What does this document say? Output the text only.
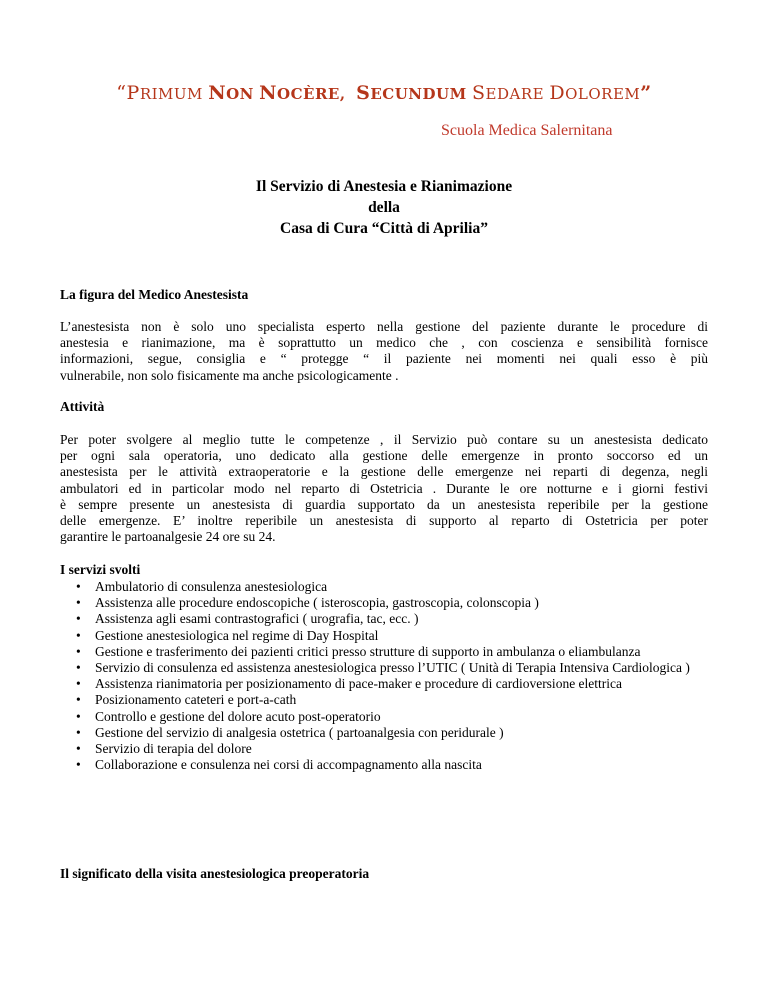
“PRIMUM NON NOCÈRE, SECUNDUM SEDARE DOLOREM”
Scuola Medica Salernitana
Il Servizio di Anestesia e Rianimazione
della
Casa di Cura “Città di Aprilia”
La figura del Medico Anestesista
L’anestesista non è solo uno specialista esperto nella gestione del paziente durante le procedure di
anestesia e rianimazione, ma è soprattutto un medico che , con coscienza e sensibilità fornisce
informazioni, segue, consiglia e “ protegge “ il paziente nei momenti nei quali esso è più
vulnerabile, non solo fisicamente ma anche psicologicamente .
Attività
Per poter svolgere al meglio tutte le competenze , il Servizio può contare su un anestesista dedicato
per ogni sala operatoria, uno dedicato alla gestione delle emergenze in pronto soccorso ed un
anestesista per le attività extraoperatorie e la gestione delle emergenze nei reparti di degenza, negli
ambulatori ed in particolar modo nel reparto di Ostetricia . Durante le ore notturne e i giorni festivi
è sempre presente un anestesista di guardia supportato da un anestesista reperibile per la gestione
delle emergenze. E’ inoltre reperibile un anestesista di supporto al reparto di Ostetricia per poter
garantire le partoanalgesie 24 ore su 24.
I servizi svolti
• Ambulatorio di consulenza anestesiologica
• Assistenza alle procedure endoscopiche ( isteroscopia, gastroscopia, colonscopia )
• Assistenza agli esami contrastografici ( urografia, tac, ecc. )
• Gestione anestesiologica nel regime di Day Hospital
• Gestione e trasferimento dei pazienti critici presso strutture di supporto in ambulanza o eliambulanza
• Servizio di consulenza ed assistenza anestesiologica presso l’UTIC ( Unità di Terapia Intensiva Cardiologica )
• Assistenza rianimatoria per posizionamento di pace-maker e procedure di cardioversione elettrica
• Posizionamento cateteri e port-a-cath
• Controllo e gestione del dolore acuto post-operatorio
• Gestione del servizio di analgesia ostetrica ( partoanalgesia con peridurale )
• Servizio di terapia del dolore
• Collaborazione e consulenza nei corsi di accompagnamento alla nascita
Il significato della visita anestesiologica preoperatoria
